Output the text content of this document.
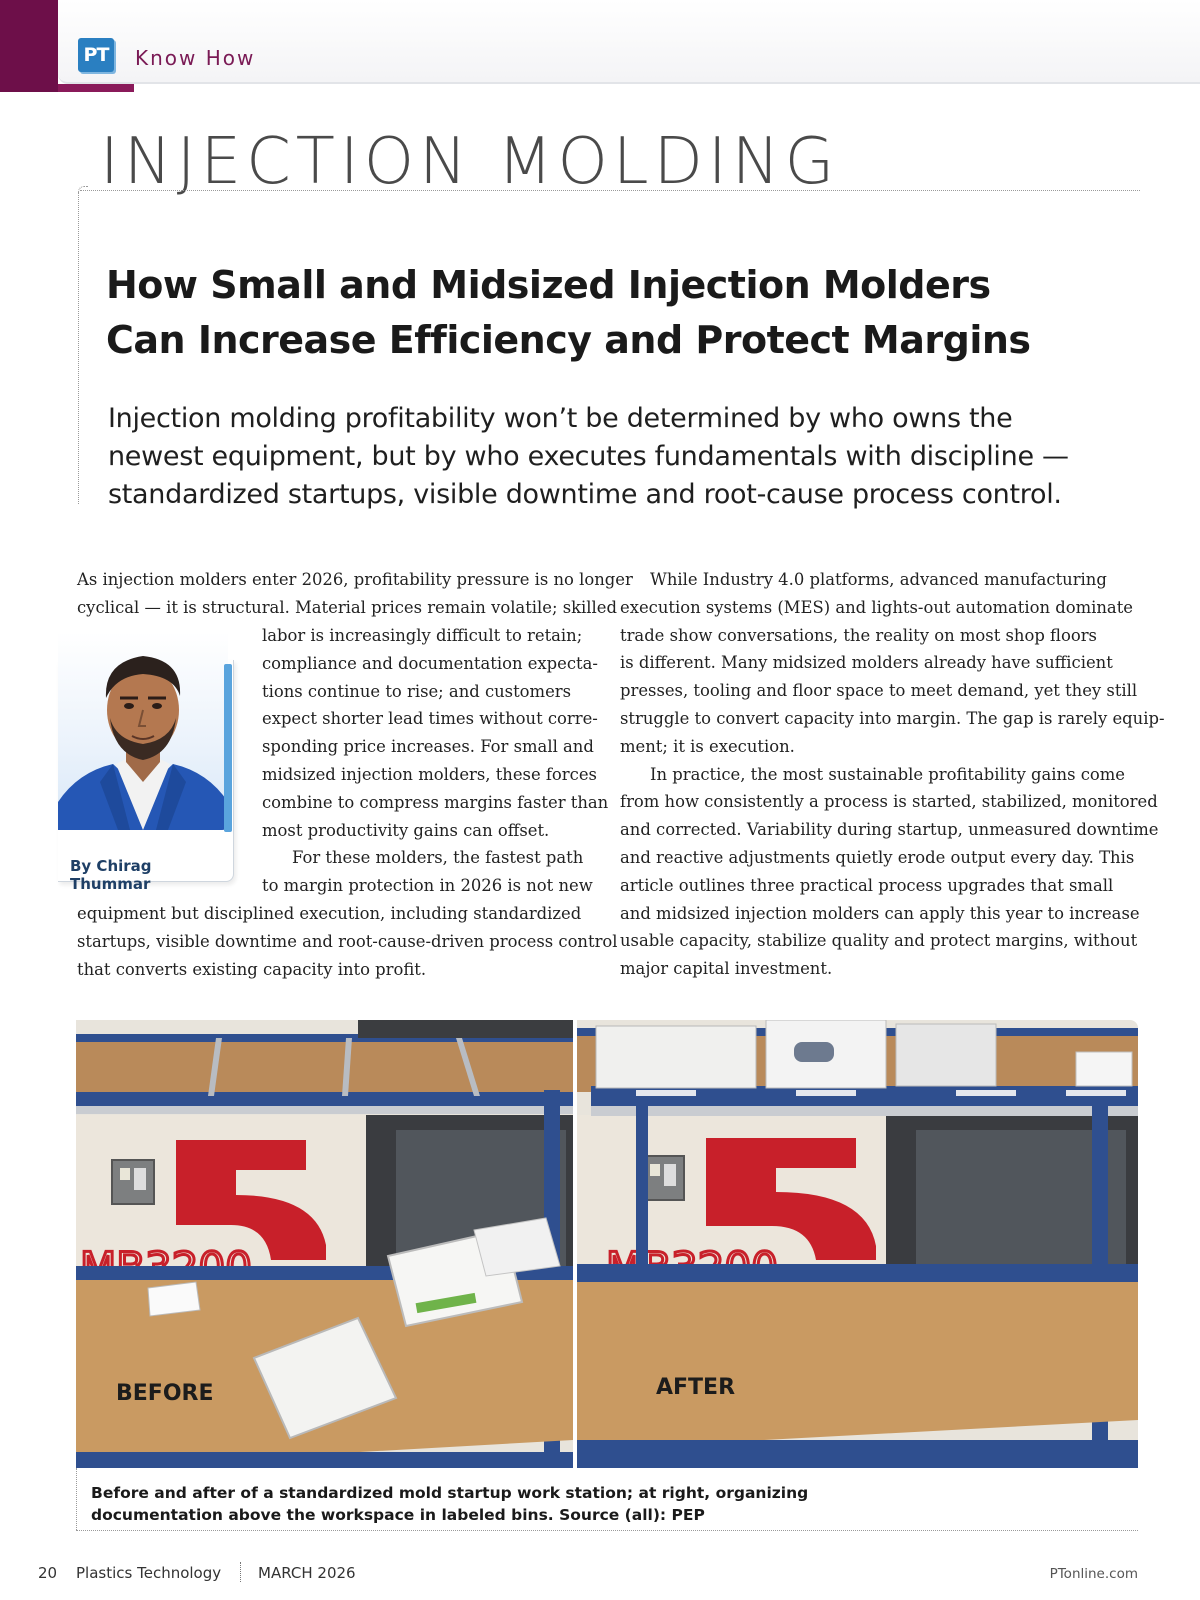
PT Know How
INJECTION MOLDING
How Small and Midsized Injection Molders
Can Increase Efficiency and Protect Margins
Injection molding profitability won’t be determined by who owns the
newest equipment, but by who executes fundamentals with discipline —
standardized startups, visible downtime and root-cause process control.
As injection molders enter 2026, profitability pressure is no longer
cyclical — it is structural. Material prices remain volatile; skilled
By Chirag Thummar
labor is increasingly difficult to retain;
compliance and documentation expecta-
tions continue to rise; and customers
expect shorter lead times without corre-
sponding price increases. For small and
midsized injection molders, these forces
combine to compress margins faster than
most productivity gains can offset.
For these molders, the fastest path
to margin protection in 2026 is not new
equipment but disciplined execution, including standardized
startups, visible downtime and root-cause-driven process control
that converts existing capacity into profit.
While Industry 4.0 platforms, advanced manufacturing
execution systems (MES) and lights-out automation dominate
trade show conversations, the reality on most shop floors
is different. Many midsized molders already have sufficient
presses, tooling and floor space to meet demand, yet they still
struggle to convert capacity into margin. The gap is rarely equip-
ment; it is execution.
In practice, the most sustainable profitability gains come
from how consistently a process is started, stabilized, monitored
and corrected. Variability during startup, unmeasured downtime
and reactive adjustments quietly erode output every day. This
article outlines three practical process upgrades that small
and midsized injection molders can apply this year to increase
usable capacity, stabilize quality and protect margins, without
major capital investment.
BEFORE	AFTER
Before and after of a standardized mold startup work station; at right, organizing
documentation above the workspace in labeled bins. Source (all): PEP
20 Plastics Technology MARCH 2026	PTonline.com
